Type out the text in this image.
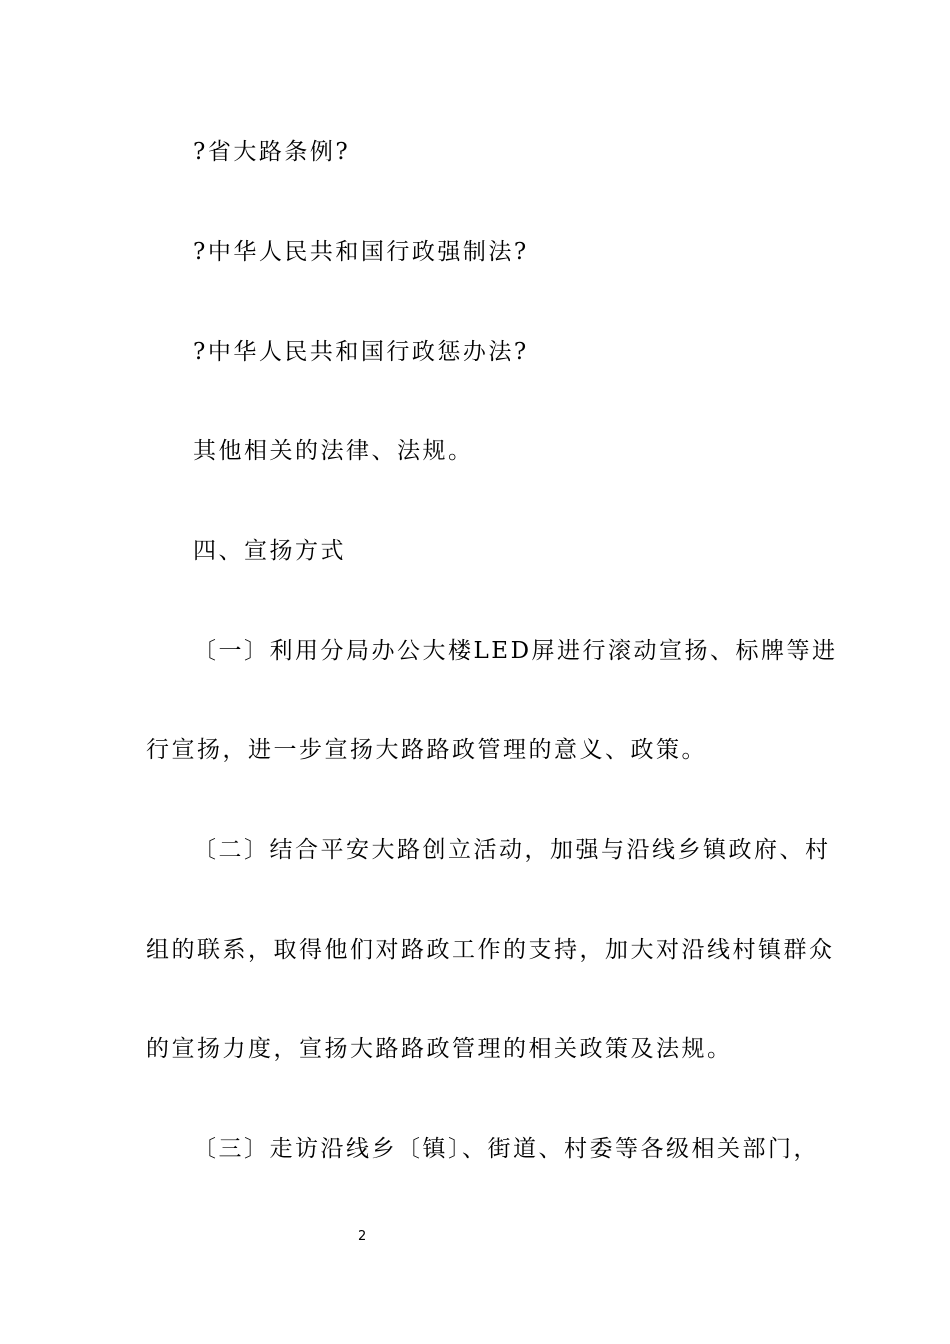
?省大路条例?
?中华人民共和国行政强制法?
?中华人民共和国行政惩办法?
其他相关的法律、法规。
四、宣扬方式
〔一〕利用分局办公大楼LED屏进行滚动宣扬、标牌等进
行宣扬，进一步宣扬大路路政管理的意义、政策。
〔二〕结合平安大路创立活动，加强与沿线乡镇政府、村
组的联系，取得他们对路政工作的支持，加大对沿线村镇群众
的宣扬力度，宣扬大路路政管理的相关政策及法规。
〔三〕走访沿线乡〔镇〕、街道、村委等各级相关部门，
2
